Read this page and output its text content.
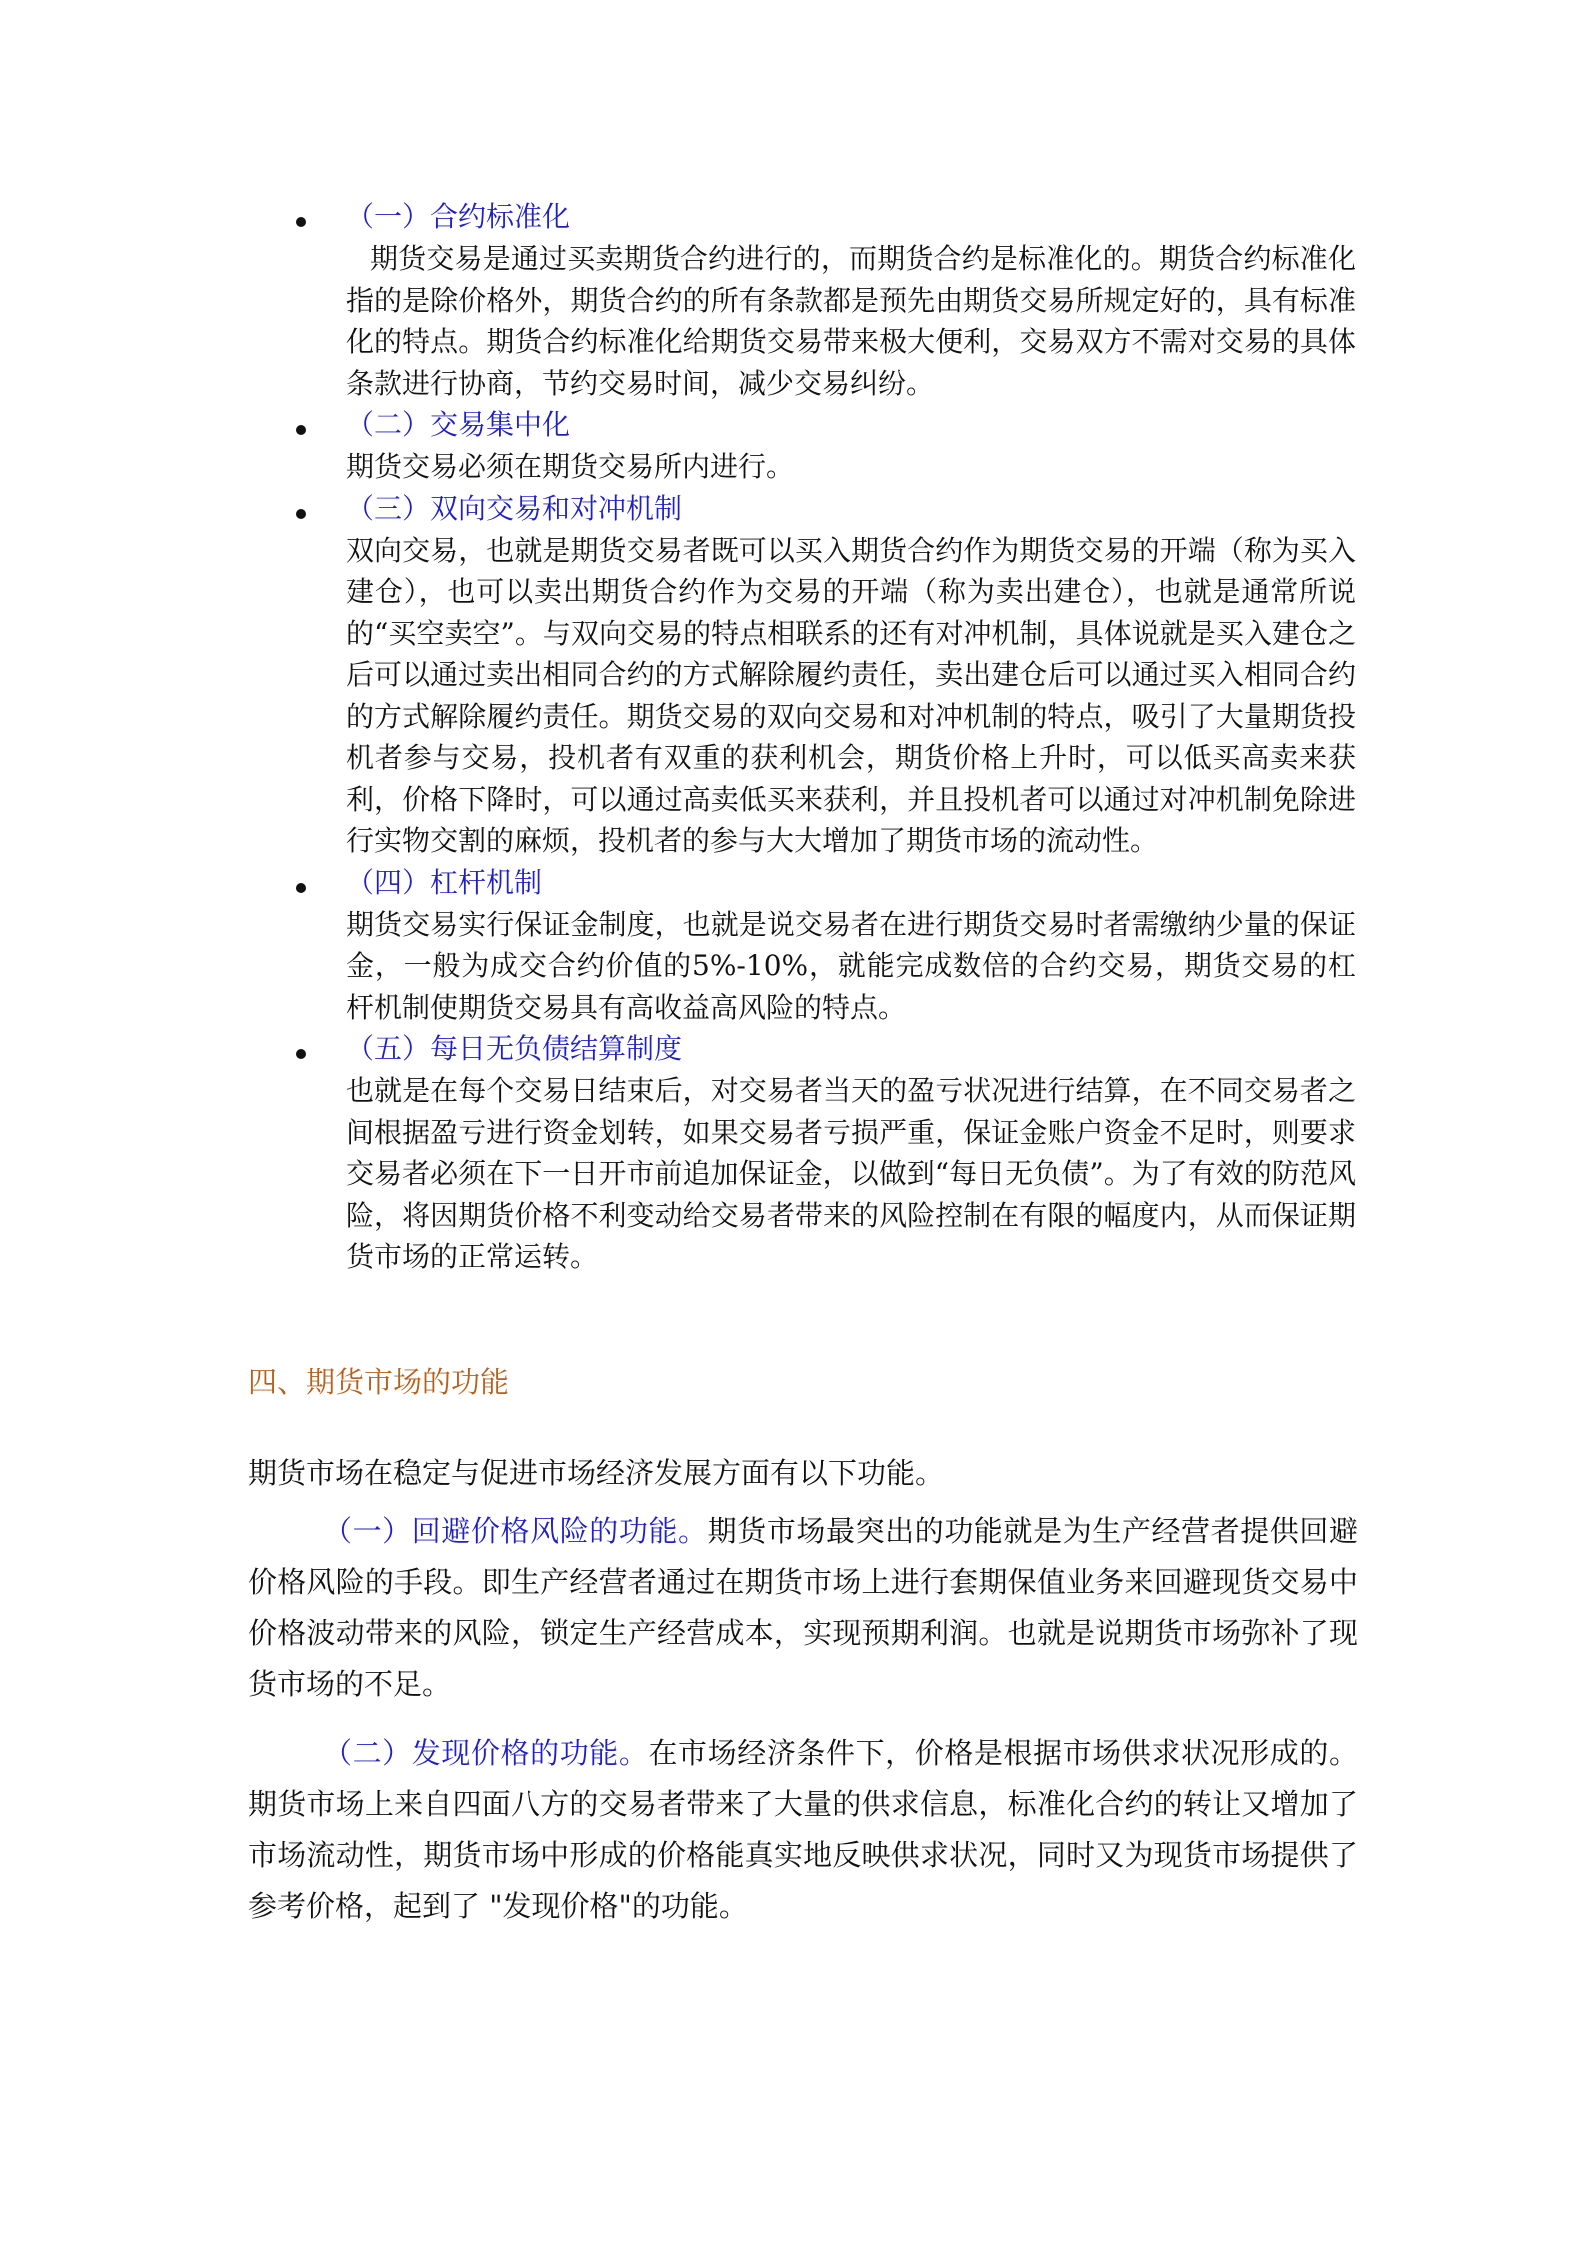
（一）合约标准化

期货交易是通过买卖期货合约进行的，而期货合约是标准化的。期货合约标准化指的是除价格外，期货合约的所有条款都是预先由期货交易所规定好的，具有标准化的特点。期货合约标准化给期货交易带来极大便利，交易双方不需对交易的具体条款进行协商，节约交易时间，减少交易纠纷。

（二）交易集中化

期货交易必须在期货交易所内进行。

（三）双向交易和对冲机制

双向交易，也就是期货交易者既可以买入期货合约作为期货交易的开端（称为买入建仓），也可以卖出期货合约作为交易的开端（称为卖出建仓），也就是通常所说的“买空卖空”。与双向交易的特点相联系的还有对冲机制，具体说就是买入建仓之后可以通过卖出相同合约的方式解除履约责任，卖出建仓后可以通过买入相同合约的方式解除履约责任。期货交易的双向交易和对冲机制的特点，吸引了大量期货投机者参与交易，投机者有双重的获利机会，期货价格上升时，可以低买高卖来获利，价格下降时，可以通过高卖低买来获利，并且投机者可以通过对冲机制免除进行实物交割的麻烦，投机者的参与大大增加了期货市场的流动性。

（四）杠杆机制

期货交易实行保证金制度，也就是说交易者在进行期货交易时者需缴纳少量的保证金，一般为成交合约价值的5%-10%，就能完成数倍的合约交易，期货交易的杠杆机制使期货交易具有高收益高风险的特点。

（五）每日无负债结算制度

也就是在每个交易日结束后，对交易者当天的盈亏状况进行结算，在不同交易者之间根据盈亏进行资金划转，如果交易者亏损严重，保证金账户资金不足时，则要求交易者必须在下一日开市前追加保证金，以做到“每日无负债”。为了有效的防范风险，将因期货价格不利变动给交易者带来的风险控制在有限的幅度内，从而保证期货市场的正常运转。

四、期货市场的功能

期货市场在稳定与促进市场经济发展方面有以下功能。

（一）回避价格风险的功能。期货市场最突出的功能就是为生产经营者提供回避价格风险的手段。即生产经营者通过在期货市场上进行套期保值业务来回避现货交易中价格波动带来的风险，锁定生产经营成本，实现预期利润。也就是说期货市场弥补了现货市场的不足。

（二）发现价格的功能。在市场经济条件下，价格是根据市场供求状况形成的。期货市场上来自四面八方的交易者带来了大量的供求信息，标准化合约的转让又增加了市场流动性，期货市场中形成的价格能真实地反映供求状况，同时又为现货市场提供了参考价格，起到了 "发现价格"的功能。
